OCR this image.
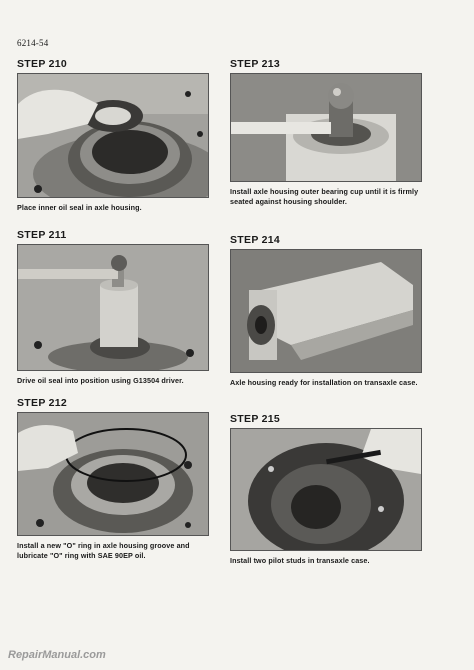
6214-54
STEP 210
Place inner oil seal in axle housing.
STEP 211
Drive oil seal into position using G13504 driver.
STEP 212
Install a new "O" ring in axle housing groove and lubricate "O" ring with SAE 90EP oil.
STEP 213
Install axle housing outer bearing cup until it is firmly seated against housing shoulder.
STEP 214
Axle housing ready for installation on transaxle case.
STEP 215
Install two pilot studs in transaxle case.
RepairManual.com
